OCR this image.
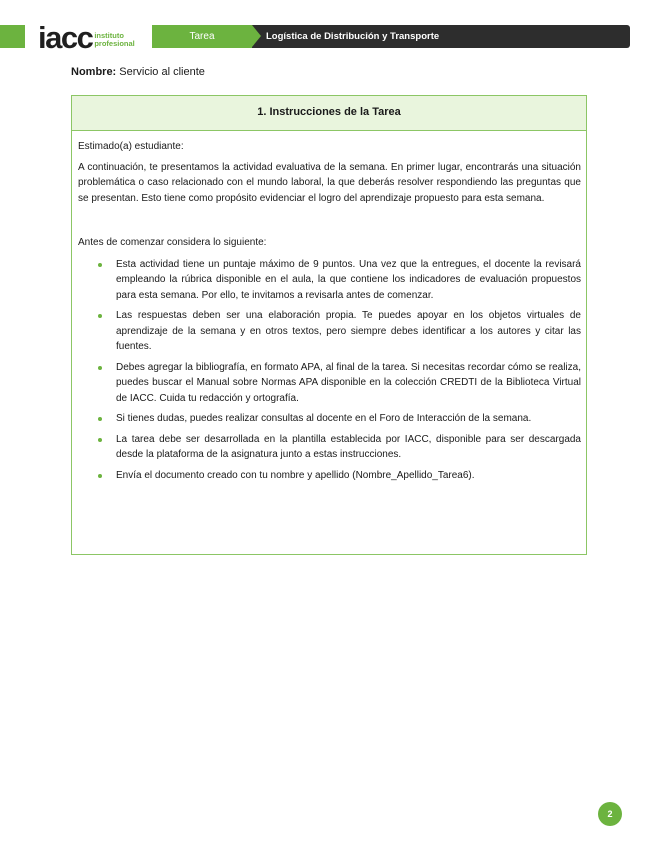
iacc instituto
profesional
Tarea	Logística de Distribución y Transporte
Nombre: Servicio al cliente
1. Instrucciones de la Tarea

Estimado(a) estudiante:

A continuación, te presentamos la actividad evaluativa de la semana. En primer lugar, encontrarás una situación problemática o caso relacionado con el mundo laboral, la que deberás resolver respondiendo las preguntas que se presentan. Esto tiene como propósito evidenciar el logro del aprendizaje propuesto para esta semana.

Antes de comenzar considera lo siguiente:

Esta actividad tiene un puntaje máximo de 9 puntos. Una vez que la entregues, el docente la revisará empleando la rúbrica disponible en el aula, la que contiene los indicadores de evaluación propuestos para esta semana. Por ello, te invitamos a revisarla antes de comenzar.
Las respuestas deben ser una elaboración propia. Te puedes apoyar en los objetos virtuales de aprendizaje de la semana y en otros textos, pero siempre debes identificar a los autores y citar las fuentes.
Debes agregar la bibliografía, en formato APA, al final de la tarea. Si necesitas recordar cómo se realiza, puedes buscar el Manual sobre Normas APA disponible en la colección CREDTI de la Biblioteca Virtual de IACC. Cuida tu redacción y ortografía.
Si tienes dudas, puedes realizar consultas al docente en el Foro de Interacción de la semana.
La tarea debe ser desarrollada en la plantilla establecida por IACC, disponible para ser descargada desde la plataforma de la asignatura junto a estas instrucciones.
Envía el documento creado con tu nombre y apellido (Nombre_Apellido_Tarea6).
2
